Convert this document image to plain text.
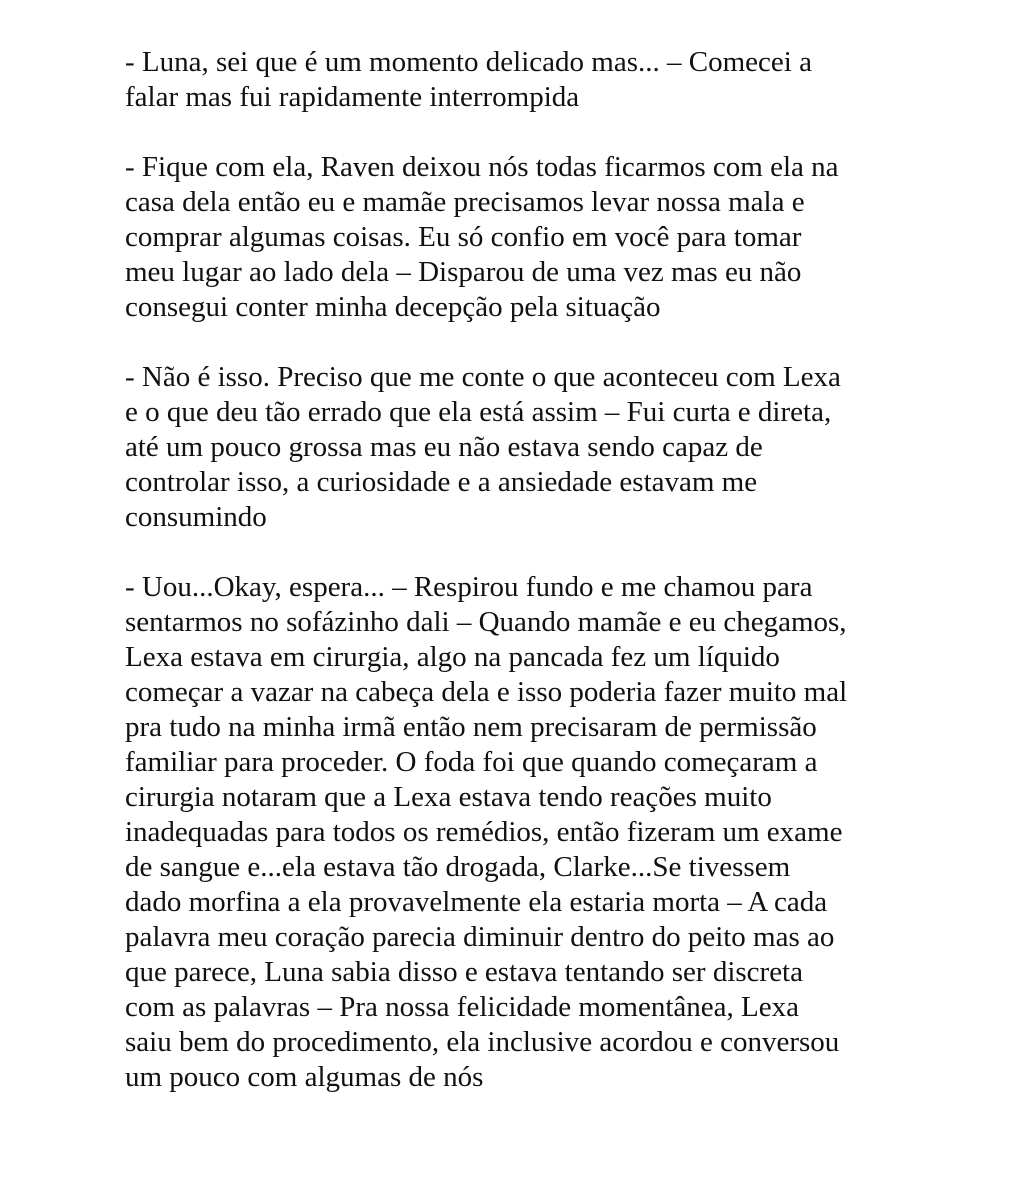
- Luna, sei que é um momento delicado mas... – Comecei a
falar mas fui rapidamente interrompida
- Fique com ela, Raven deixou nós todas ficarmos com ela na
casa dela então eu e mamãe precisamos levar nossa mala e
comprar algumas coisas. Eu só confio em você para tomar
meu lugar ao lado dela – Disparou de uma vez mas eu não
consegui conter minha decepção pela situação
- Não é isso. Preciso que me conte o que aconteceu com Lexa
e o que deu tão errado que ela está assim – Fui curta e direta,
até um pouco grossa mas eu não estava sendo capaz de
controlar isso, a curiosidade e a ansiedade estavam me
consumindo
- Uou...Okay, espera... – Respirou fundo e me chamou para
sentarmos no sofázinho dali – Quando mamãe e eu chegamos,
Lexa estava em cirurgia, algo na pancada fez um líquido
começar a vazar na cabeça dela e isso poderia fazer muito mal
pra tudo na minha irmã então nem precisaram de permissão
familiar para proceder. O foda foi que quando começaram a
cirurgia notaram que a Lexa estava tendo reações muito
inadequadas para todos os remédios, então fizeram um exame
de sangue e...ela estava tão drogada, Clarke...Se tivessem
dado morfina a ela provavelmente ela estaria morta – A cada
palavra meu coração parecia diminuir dentro do peito mas ao
que parece, Luna sabia disso e estava tentando ser discreta
com as palavras – Pra nossa felicidade momentânea, Lexa
saiu bem do procedimento, ela inclusive acordou e conversou
um pouco com algumas de nós
